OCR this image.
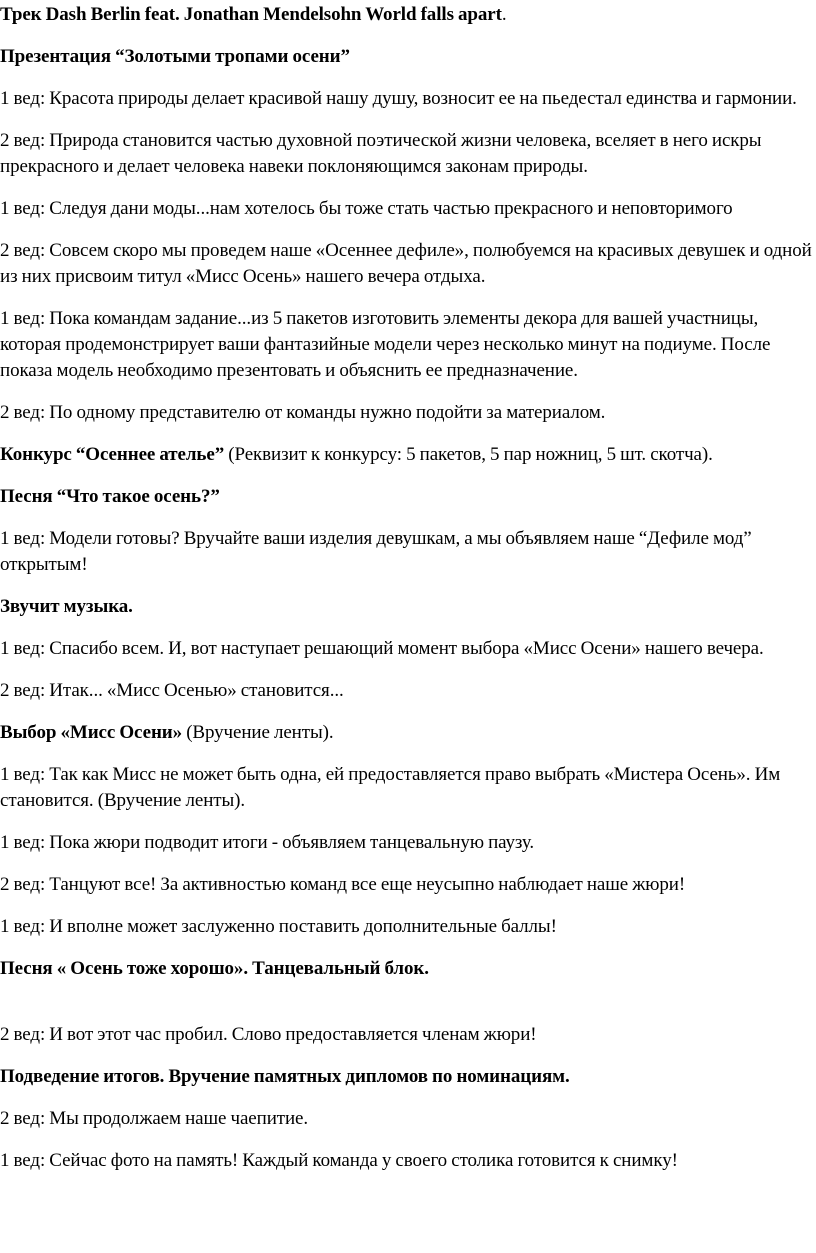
Трек Dash Berlin feat. Jonathan Mendelsohn World falls apart.

Презентация “Золотыми тропами осени”

1 вед: Красота природы делает красивой нашу душу, возносит ее на пьедестал единства и гармонии.

2 вед: Природа становится частью духовной поэтической жизни человека, вселяет в него искры прекрасного и делает человека навеки поклоняющимся законам природы.

1 вед: Следуя дани моды...нам хотелось бы тоже стать частью прекрасного и неповторимого

2 вед: Совсем скоро мы проведем наше «Осеннее дефиле», полюбуемся на красивых девушек и одной из них присвоим титул «Мисс Осень» нашего вечера отдыха.

1 вед: Пока командам задание...из 5 пакетов изготовить элементы декора для вашей участницы, которая продемонстрирует ваши фантазийные модели через несколько минут на подиуме. После показа модель необходимо презентовать и объяснить ее предназначение.

2 вед: По одному представителю от команды нужно подойти за материалом.

Конкурс “Осеннее ателье” (Реквизит к конкурсу: 5 пакетов, 5 пар ножниц, 5 шт. скотча).

Песня “Что такое осень?”

1 вед: Модели готовы? Вручайте ваши изделия девушкам, а мы объявляем наше “Дефиле мод” открытым!

Звучит музыка.

1 вед: Спасибо всем. И, вот наступает решающий момент выбора «Мисс Осени» нашего вечера.

2 вед: Итак... «Мисс Осенью» становится...

Выбор «Мисс Осени» (Вручение ленты).

1 вед: Так как Мисс не может быть одна, ей предоставляется право выбрать «Мистера Осень». Им становится. (Вручение ленты).

1 вед: Пока жюри подводит итоги - объявляем танцевальную паузу.

2 вед: Танцуют все! За активностью команд все еще неусыпно наблюдает наше жюри!

1 вед: И вполне может заслуженно поставить дополнительные баллы!

Песня « Осень тоже хорошо». Танцевальный блок.

2 вед: И вот этот час пробил. Слово предоставляется членам жюри!

Подведение итогов. Вручение памятных дипломов по номинациям.

2 вед: Мы продолжаем наше чаепитие.

1 вед: Сейчас фото на память! Каждый команда у своего столика готовится к снимку!
